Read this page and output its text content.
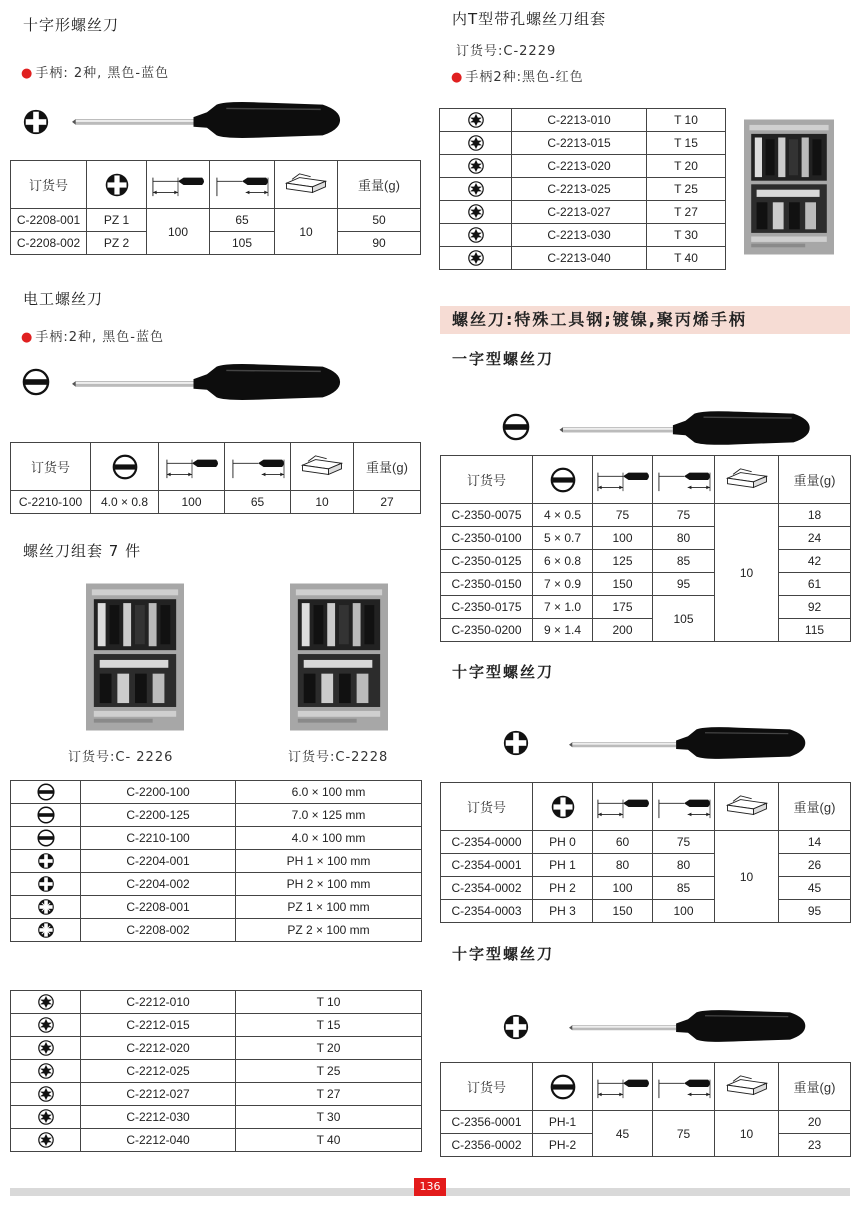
十字形螺丝刀
● 手柄: 2种, 黑色-蓝色
订货号					重量(g)
C-2208-001	PZ 1	100	65	10	50
C-2208-002	PZ 2		105		90
电工螺丝刀
● 手柄:2种, 黑色-蓝色
订货号					重量(g)
C-2210-100	4.0 × 0.8	100	65	10	27
螺丝刀组套 7 件
订货号:C- 2226	订货号:C-2228
	C-2200-100	6.0 × 100 mm

	C-2200-125	7.0 × 125 mm

	C-2210-100	4.0 × 100 mm

	C-2204-001	PH 1 × 100 mm

	C-2204-002	PH 2 × 100 mm

	C-2208-001	PZ 1 × 100 mm

	C-2208-002	PZ 2 × 100 mm
	C-2212-010	T 10

	C-2212-015	T 15

	C-2212-020	T 20

	C-2212-025	T 25

	C-2212-027	T 27

	C-2212-030	T 30

	C-2212-040	T 40
内T型带孔螺丝刀组套
订货号:C-2229
● 手柄2种:黑色-红色
	C-2213-010	T 10

	C-2213-015	T 15

	C-2213-020	T 20

	C-2213-025	T 25

	C-2213-027	T 27

	C-2213-030	T 30

	C-2213-040	T 40
螺丝刀:特殊工具钢;镀镍,聚丙烯手柄
一字型螺丝刀
订货号					重量(g)
C-2350-0075	4 × 0.5	75	75	10	18
C-2350-0100	5 × 0.7	100	80		24
C-2350-0125	6 × 0.8	125	85		42
C-2350-0150	7 × 0.9	150	95		61
C-2350-0175	7 × 1.0	175	105		92
C-2350-0200	9 × 1.4	200			115
十字型螺丝刀
订货号					重量(g)
C-2354-0000	PH 0	60	75	10	14
C-2354-0001	PH 1	80	80		26
C-2354-0002	PH 2	100	85		45
C-2354-0003	PH 3	150	100		95
十字型螺丝刀
订货号					重量(g)
C-2356-0001	PH-1	45	75	10	20
C-2356-0002	PH-2				23
136
